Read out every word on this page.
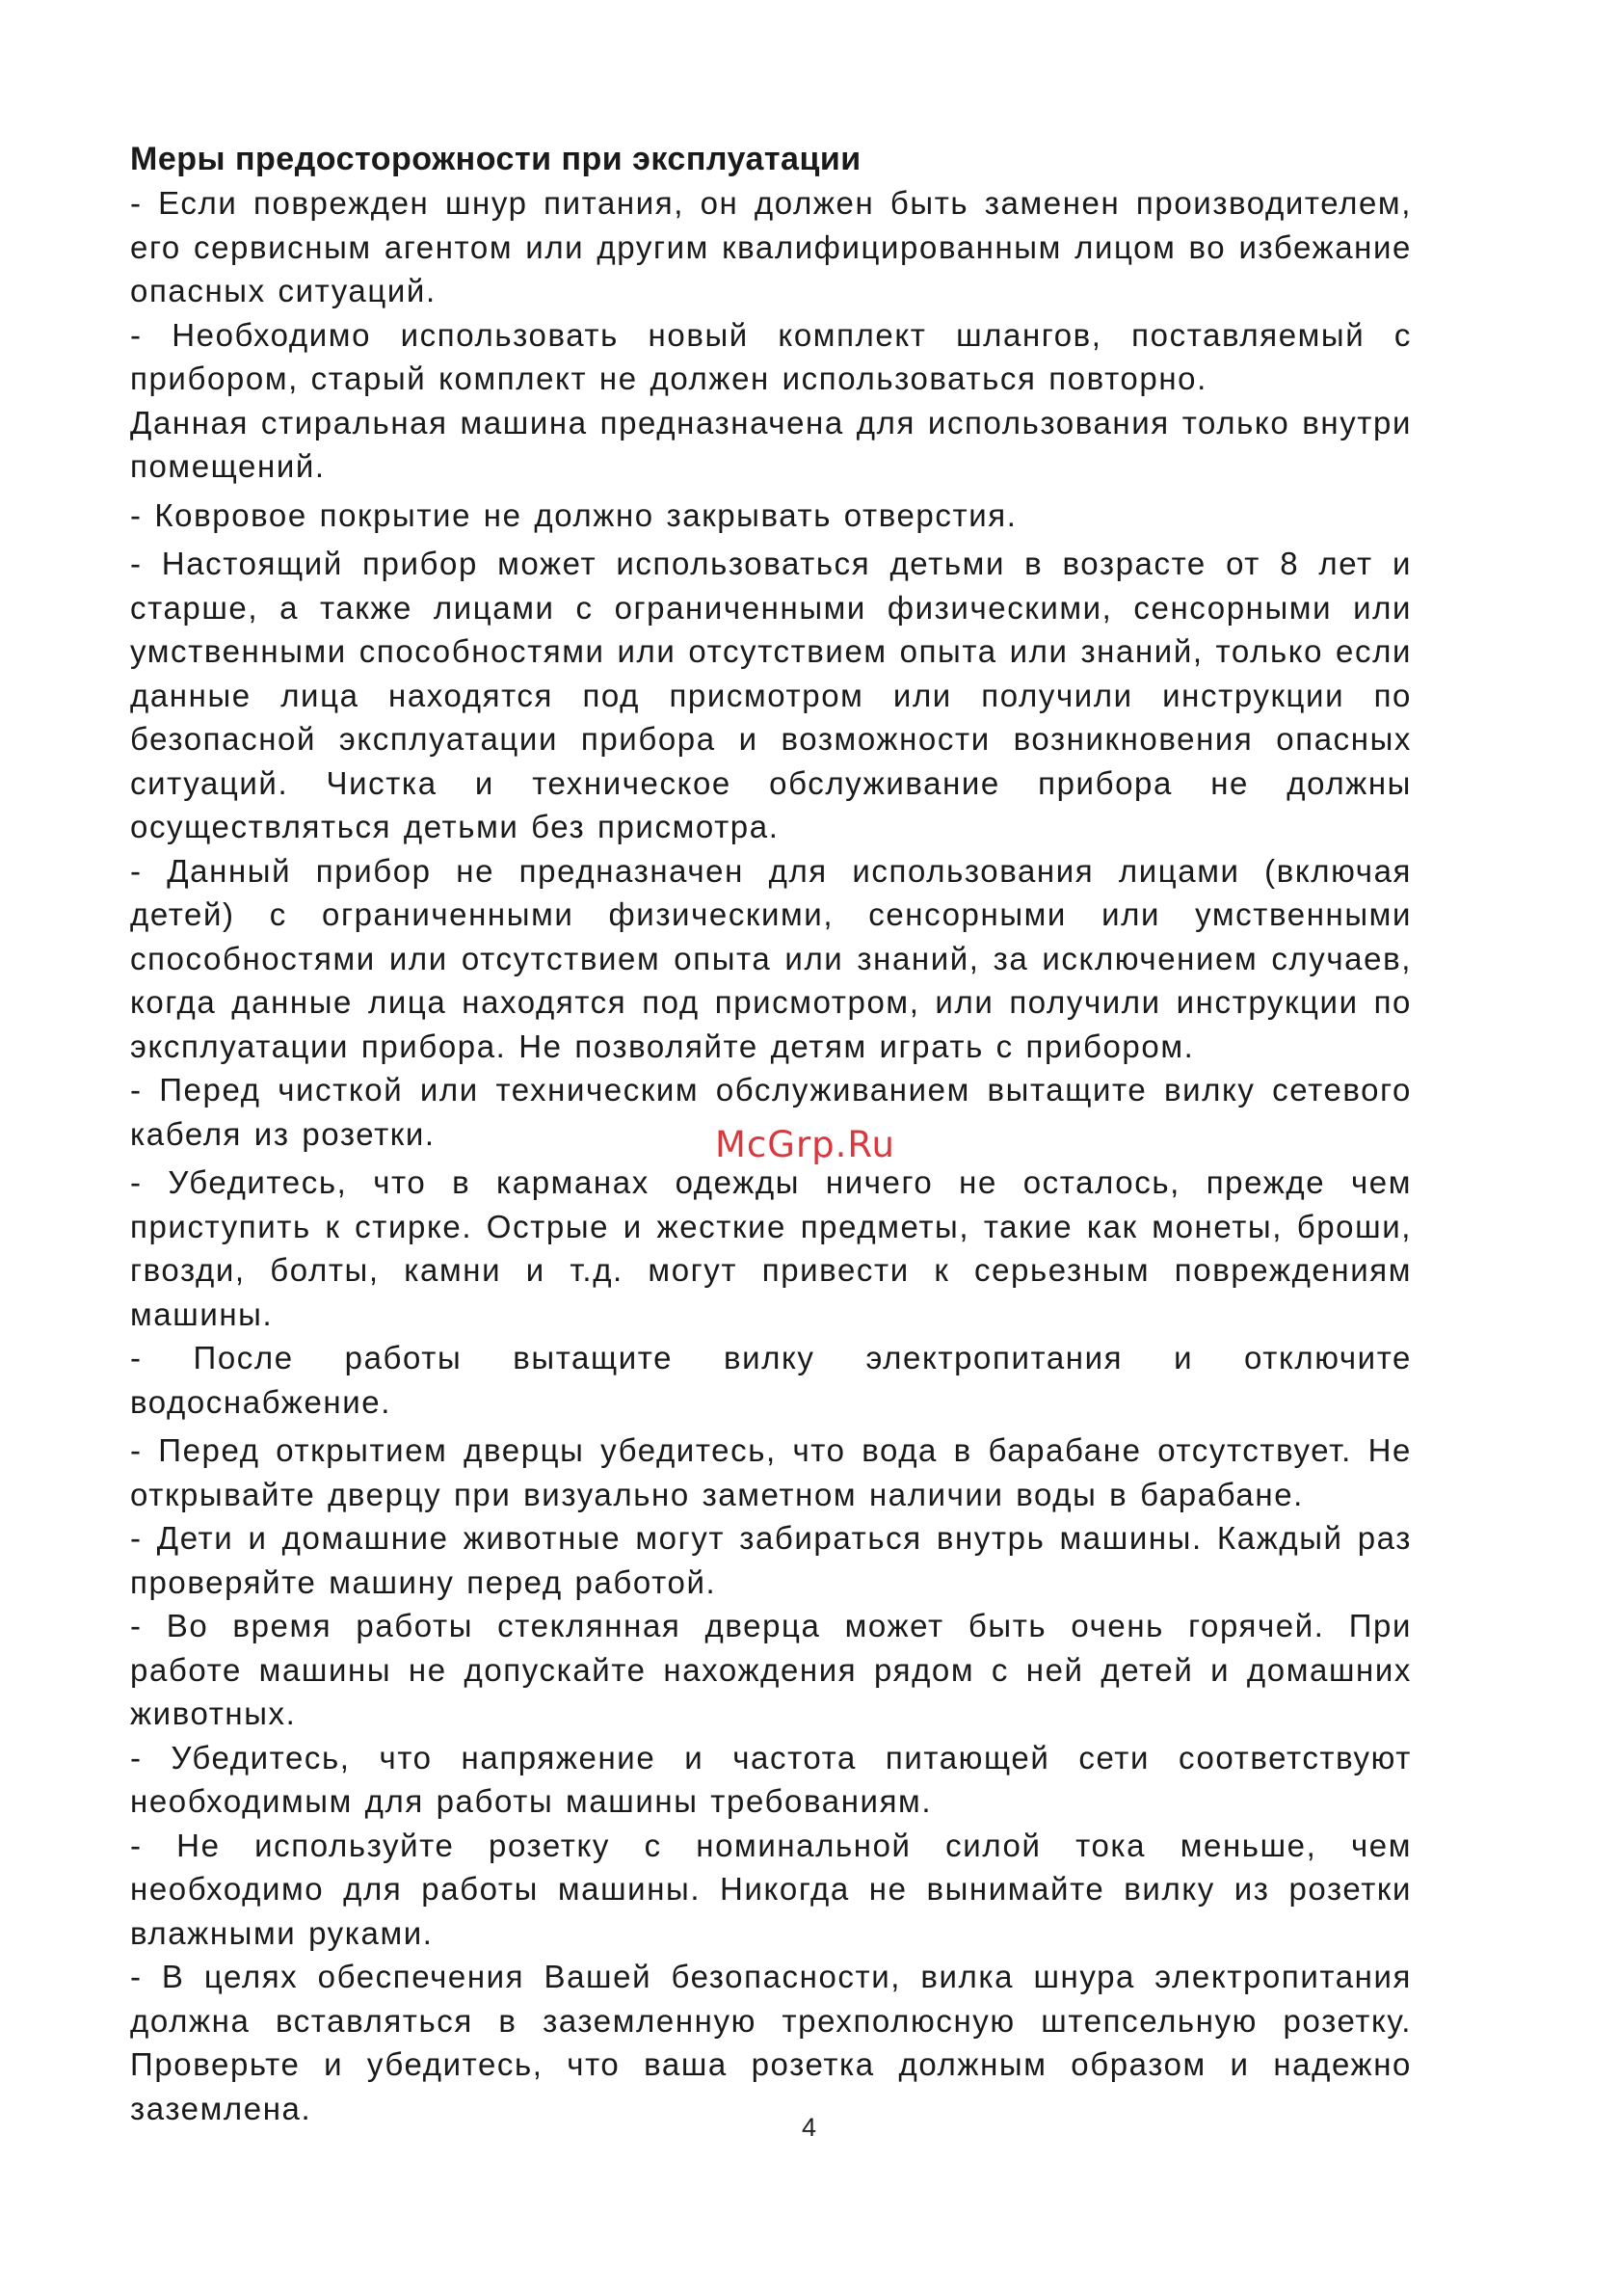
Меры предосторожности при эксплуатации

- Если поврежден шнур питания, он должен быть заменен производителем, его сервисным агентом или другим квалифицированным лицом во избежание опасных ситуаций.

- Необходимо использовать новый комплект шлангов, поставляемый с прибором, старый комплект не должен использоваться повторно.

Данная стиральная машина предназначена для использования только внутри помещений.

- Ковровое покрытие не должно закрывать отверстия.

- Настоящий прибор может использоваться детьми в возрасте от 8 лет и старше, а также лицами с ограниченными физическими, сенсорными или умственными способностями или отсутствием опыта или знаний, только если данные лица находятся под присмотром или получили инструкции по безопасной эксплуатации прибора и возможности возникновения опасных ситуаций. Чистка и техническое обслуживание прибора не должны осуществляться детьми без присмотра.

- Данный прибор не предназначен для использования лицами (включая детей) с ограниченными физическими, сенсорными или умственными способностями или отсутствием опыта или знаний, за исключением случаев, когда данные лица находятся под присмотром, или получили инструкции по эксплуатации прибора. Не позволяйте детям играть с прибором.

- Перед чисткой или техническим обслуживанием вытащите вилку сетевого кабеля из розетки.

- Убедитесь, что в карманах одежды ничего не осталось, прежде чем приступить к стирке. Острые и жесткие предметы, такие как монеты, броши, гвозди, болты, камни и т.д. могут привести к серьезным повреждениям машины.

- После работы вытащите вилку электропитания и отключите водоснабжение.

- Перед открытием дверцы убедитесь, что вода в барабане отсутствует. Не открывайте дверцу при визуально заметном наличии воды в барабане.

- Дети и домашние животные могут забираться внутрь машины. Каждый раз проверяйте машину перед работой.

- Во время работы стеклянная дверца может быть очень горячей. При работе машины не допускайте нахождения рядом с ней детей и домашних животных.

- Убедитесь, что напряжение и частота питающей сети соответствуют необходимым для работы машины требованиям.

- Не используйте розетку с номинальной силой тока меньше, чем необходимо для работы машины. Никогда не вынимайте вилку из розетки влажными руками.

- В целях обеспечения Вашей безопасности, вилка шнура электропитания должна вставляться в заземленную трехполюсную штепсельную розетку. Проверьте и убедитесь, что ваша розетка должным образом и надежно заземлена.

McGrp.Ru
4
